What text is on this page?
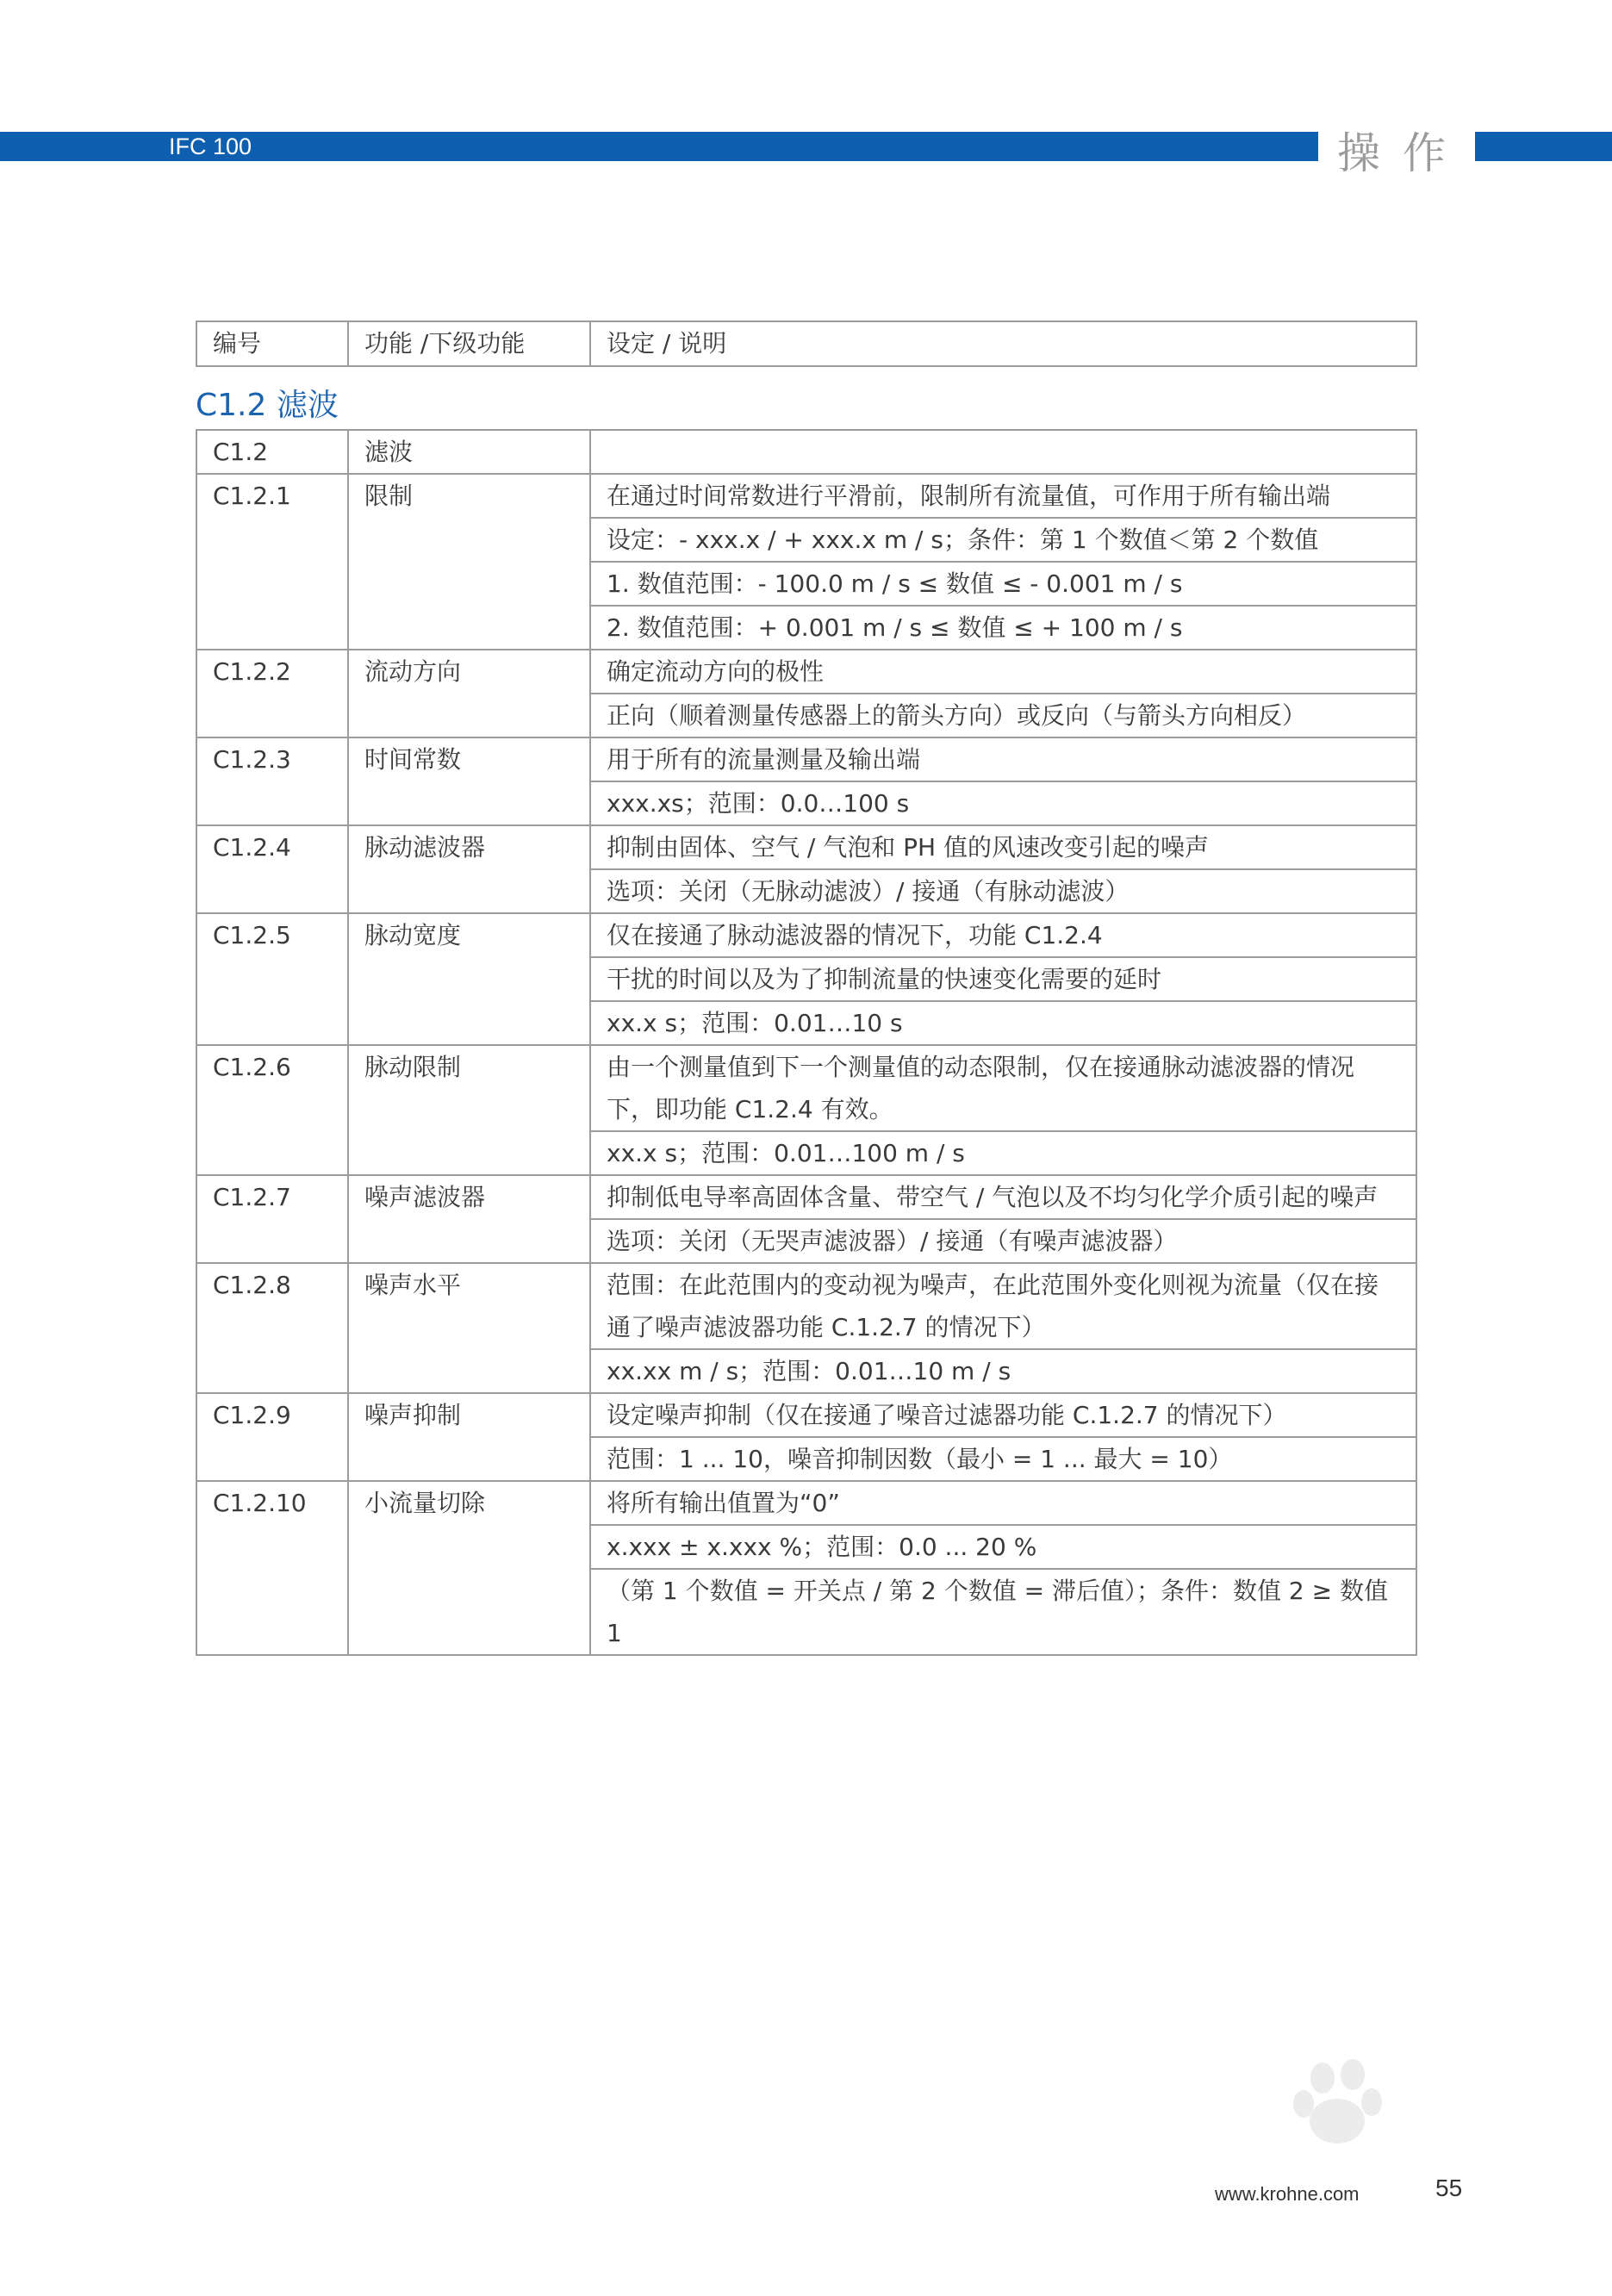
IFC 100	操作
编号	功能 /下级功能	设定 / 说明
C1.2 滤波
C1.2	滤波	
C1.2.1	限制	在通过时间常数进行平滑前，限制所有流量值，可作用于所有输出端
		设定：- xxx.x / + xxx.x m / s；条件：第 1 个数值＜第 2 个数值
		1. 数值范围：- 100.0 m / s ≤ 数值 ≤ - 0.001 m / s
		2. 数值范围：+ 0.001 m / s ≤ 数值 ≤ + 100 m / s
C1.2.2	流动方向	确定流动方向的极性
		正向（顺着测量传感器上的箭头方向）或反向（与箭头方向相反）
C1.2.3	时间常数	用于所有的流量测量及输出端
		xxx.xs；范围：0.0…100 s
C1.2.4	脉动滤波器	抑制由固体、空气 / 气泡和 PH 值的风速改变引起的噪声
		选项：关闭（无脉动滤波）/ 接通（有脉动滤波）
C1.2.5	脉动宽度	仅在接通了脉动滤波器的情况下，功能 C1.2.4
		干扰的时间以及为了抑制流量的快速变化需要的延时
		xx.x s；范围：0.01…10 s
C1.2.6	脉动限制	由一个测量值到下一个测量值的动态限制，仅在接通脉动滤波器的情况下，即功能 C1.2.4 有效。
		xx.x s；范围：0.01…100 m / s
C1.2.7	噪声滤波器	抑制低电导率高固体含量、带空气 / 气泡以及不均匀化学介质引起的噪声
		选项：关闭（无哭声滤波器）/ 接通（有噪声滤波器）
C1.2.8	噪声水平	范围：在此范围内的变动视为噪声，在此范围外变化则视为流量（仅在接通了噪声滤波器功能 C.1.2.7 的情况下）
		xx.xx m / s；范围：0.01…10 m / s
C1.2.9	噪声抑制	设定噪声抑制（仅在接通了噪音过滤器功能 C.1.2.7 的情况下）
		范围：1 ... 10，噪音抑制因数（最小 = 1 ... 最大 = 10）
C1.2.10	小流量切除	将所有输出值置为“0”
		x.xxx ± x.xxx %；范围：0.0 ... 20 %
		（第 1 个数值 = 开关点 / 第 2 个数值 = 滞后值）；条件：数值 2 ≥ 数值 1
www.krohne.com	55
